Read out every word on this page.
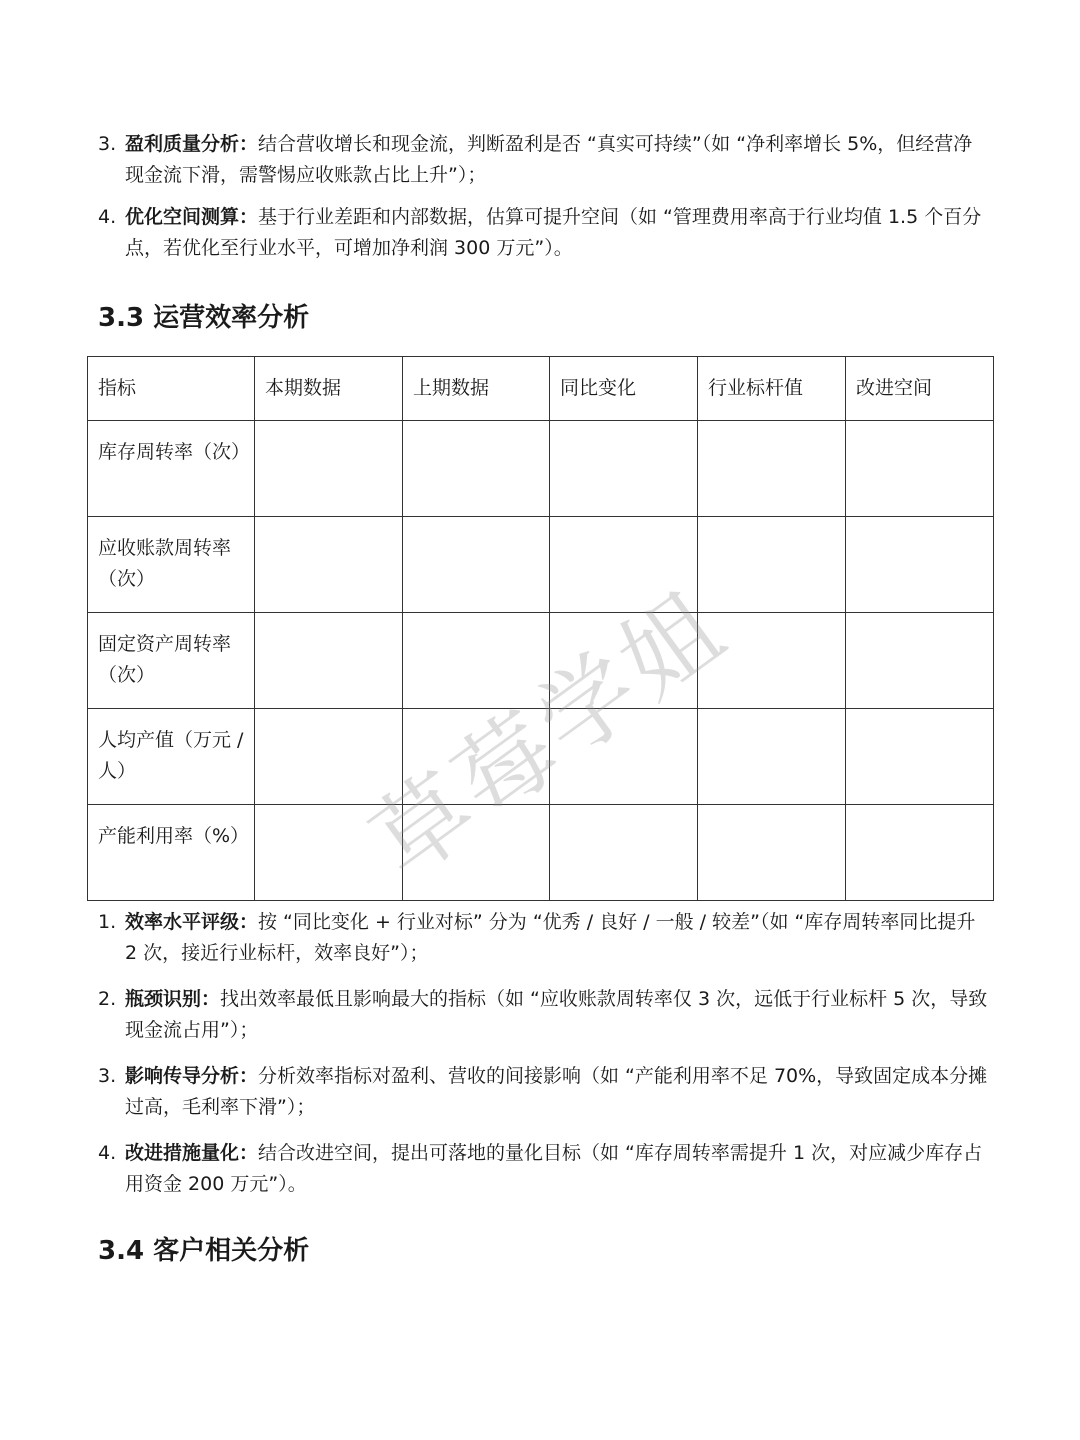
3. 盈利质量分析：结合营收增长和现金流，判断盈利是否 “真实可持续”（如 “净利率增长 5%，但经营净现金流下滑，需警惕应收账款占比上升”）；
4. 优化空间测算：基于行业差距和内部数据，估算可提升空间（如 “管理费用率高于行业均值 1.5 个百分点，若优化至行业水平，可增加净利润 300 万元”）。
3.3 运营效率分析
指标	本期数据	上期数据	同比变化	行业标杆值	改进空间
库存周转率（次）					
应收账款周转率（次）					
固定资产周转率（次）					
人均产值（万元 / 人）					
产能利用率（%）					
1. 效率水平评级：按 “同比变化 + 行业对标” 分为 “优秀 / 良好 / 一般 / 较差”（如 “库存周转率同比提升 2 次，接近行业标杆，效率良好”）；
2. 瓶颈识别：找出效率最低且影响最大的指标（如 “应收账款周转率仅 3 次，远低于行业标杆 5 次，导致现金流占用”）；
3. 影响传导分析：分析效率指标对盈利、营收的间接影响（如 “产能利用率不足 70%，导致固定成本分摊过高，毛利率下滑”）；
4. 改进措施量化：结合改进空间，提出可落地的量化目标（如 “库存周转率需提升 1 次，对应减少库存占用资金 200 万元”）。
3.4 客户相关分析
草莓学姐
